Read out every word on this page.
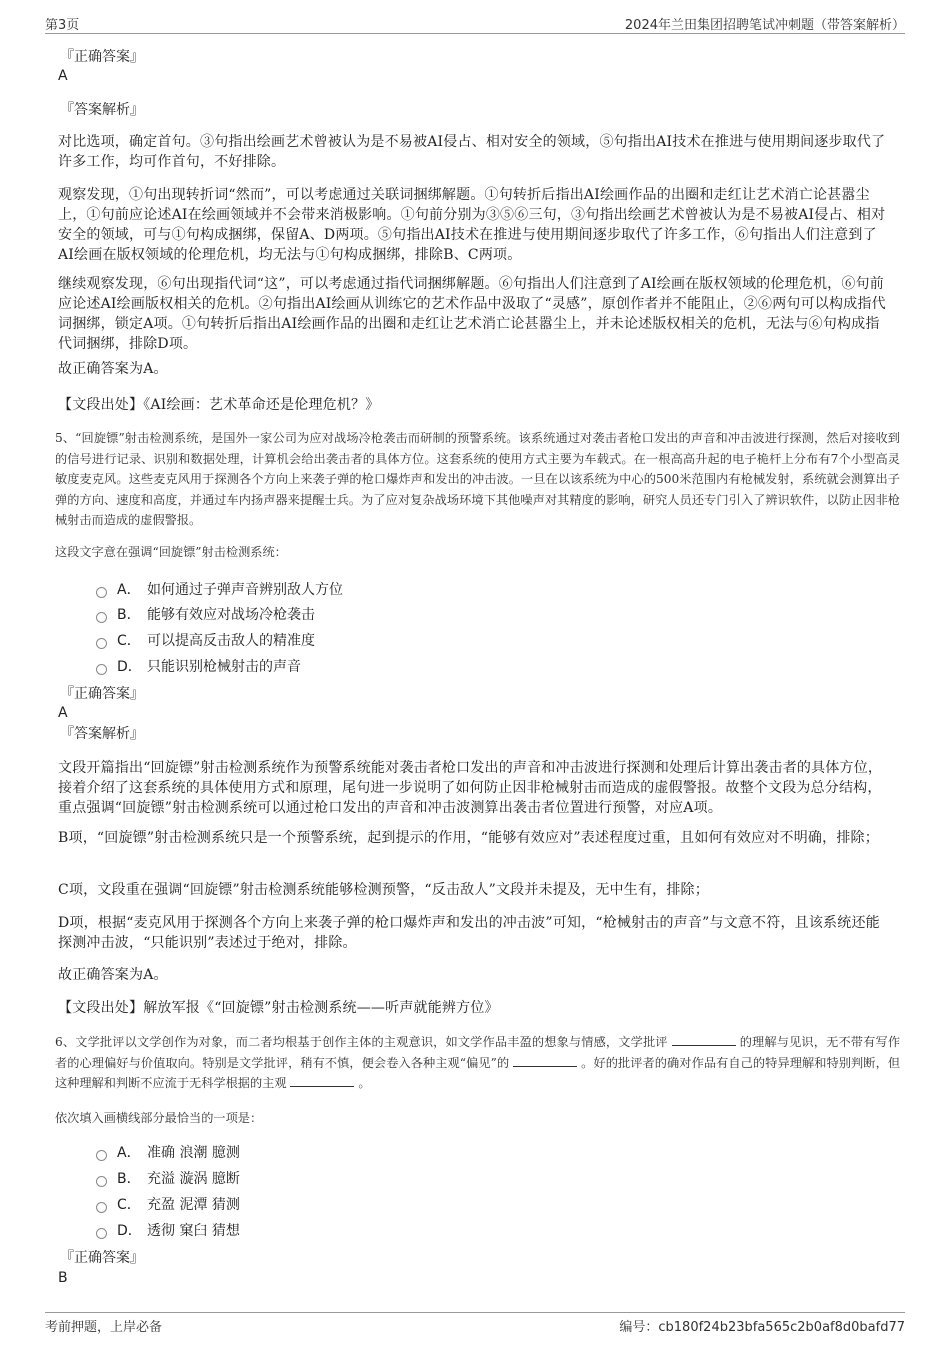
第3页	2024年兰田集团招聘笔试冲刺题（带答案解析）
『正确答案』
A
『答案解析』
对比选项，确定首句。③句指出绘画艺术曾被认为是不易被AI侵占、相对安全的领域，⑤句指出AI技术在推进与使用期间逐步取代了许多工作，均可作首句，不好排除。
观察发现，①句出现转折词“然而”，可以考虑通过关联词捆绑解题。①句转折后指出AI绘画作品的出圈和走红让艺术消亡论甚嚣尘上，①句前应论述AI在绘画领域并不会带来消极影响。①句前分别为③⑤⑥三句，③句指出绘画艺术曾被认为是不易被AI侵占、相对安全的领域，可与①句构成捆绑，保留A、D两项。⑤句指出AI技术在推进与使用期间逐步取代了许多工作，⑥句指出人们注意到了AI绘画在版权领域的伦理危机，均无法与①句构成捆绑，排除B、C两项。
继续观察发现，⑥句出现指代词“这”，可以考虑通过指代词捆绑解题。⑥句指出人们注意到了AI绘画在版权领域的伦理危机，⑥句前应论述AI绘画版权相关的危机。②句指出AI绘画从训练它的艺术作品中汲取了“灵感”，原创作者并不能阻止，②⑥两句可以构成指代词捆绑，锁定A项。①句转折后指出AI绘画作品的出圈和走红让艺术消亡论甚嚣尘上，并未论述版权相关的危机，无法与⑥句构成指代词捆绑，排除D项。
故正确答案为A。
【文段出处】《AI绘画：艺术革命还是伦理危机？》
5、“回旋镖”射击检测系统，是国外一家公司为应对战场冷枪袭击而研制的预警系统。该系统通过对袭击者枪口发出的声音和冲击波进行探测，然后对接收到的信号进行记录、识别和数据处理，计算机会给出袭击者的具体方位。这套系统的使用方式主要为车载式。在一根高高升起的电子桅杆上分布有7个小型高灵敏度麦克风。这些麦克风用于探测各个方向上来袭子弹的枪口爆炸声和发出的冲击波。一旦在以该系统为中心的500米范围内有枪械发射，系统就会测算出子弹的方向、速度和高度，并通过车内扬声器来提醒士兵。为了应对复杂战场环境下其他噪声对其精度的影响，研究人员还专门引入了辨识软件，以防止因非枪械射击而造成的虚假警报。
这段文字意在强调“回旋镖”射击检测系统：
A． 如何通过子弹声音辨别敌人方位
B． 能够有效应对战场冷枪袭击
C． 可以提高反击敌人的精准度
D． 只能识别枪械射击的声音
『正确答案』
A
『答案解析』
文段开篇指出“回旋镖”射击检测系统作为预警系统能对袭击者枪口发出的声音和冲击波进行探测和处理后计算出袭击者的具体方位，接着介绍了这套系统的具体使用方式和原理，尾句进一步说明了如何防止因非枪械射击而造成的虚假警报。故整个文段为总分结构，重点强调“回旋镖”射击检测系统可以通过枪口发出的声音和冲击波测算出袭击者位置进行预警，对应A项。
B项，“回旋镖”射击检测系统只是一个预警系统，起到提示的作用，“能够有效应对”表述程度过重，且如何有效应对不明确，排除；
C项，文段重在强调“回旋镖”射击检测系统能够检测预警，“反击敌人”文段并未提及，无中生有，排除；
D项，根据“麦克风用于探测各个方向上来袭子弹的枪口爆炸声和发出的冲击波”可知，“枪械射击的声音”与文意不符，且该系统还能探测冲击波，“只能识别”表述过于绝对，排除。
故正确答案为A。
【文段出处】解放军报《“回旋镖”射击检测系统——听声就能辨方位》
6、文学批评以文学创作为对象，而二者均根基于创作主体的主观意识，如文学作品丰盈的想象与情感，文学批评	的理解与见识，无不带有写作者的心理偏好与价值取向。特别是文学批评，稍有不慎，便会卷入各种主观“偏见”的	。好的批评者的确对作品有自己的特异理解和特别判断，但这种理解和判断不应流于无科学根据的主观	。
依次填入画横线部分最恰当的一项是：
A． 准确 浪潮 臆测
B． 充溢 漩涡 臆断
C． 充盈 泥潭 猜测
D． 透彻 窠臼 猜想
『正确答案』
B
考前押题，上岸必备	编号：cb180f24b23bfa565c2b0af8d0bafd77
